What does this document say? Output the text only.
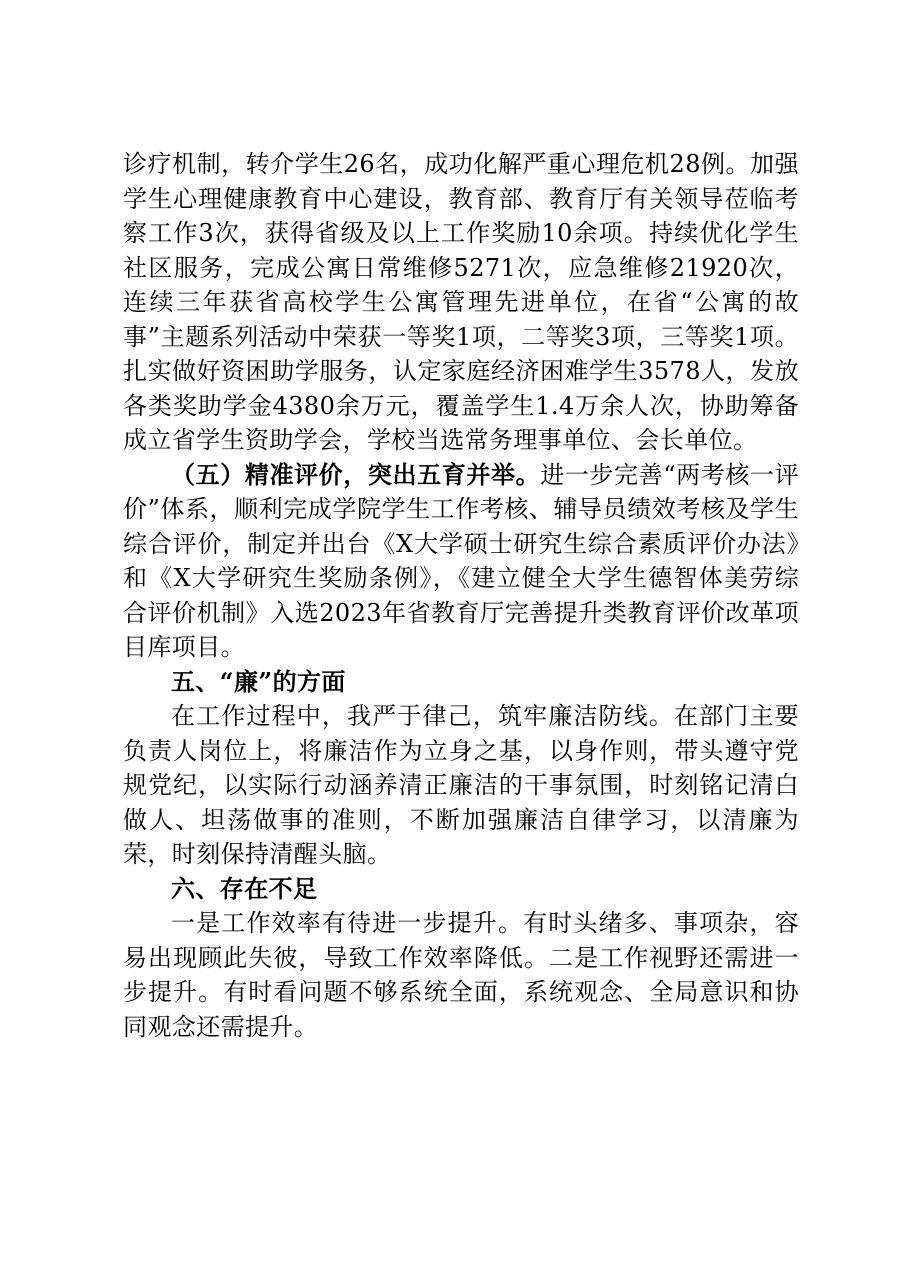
诊疗机制，转介学生26名，成功化解严重心理危机28例。加强学生心理健康教育中心建设，教育部、教育厅有关领导莅临考察工作3次，获得省级及以上工作奖励10余项。持续优化学生社区服务，完成公寓日常维修5271次，应急维修21920次，连续三年获省高校学生公寓管理先进单位，在省“公寓的故事”主题系列活动中荣获一等奖1项，二等奖3项，三等奖1项。扎实做好资困助学服务，认定家庭经济困难学生3578人，发放各类奖助学金4380余万元，覆盖学生1.4万余人次，协助筹备成立省学生资助学会，学校当选常务理事单位、会长单位。

（五）精准评价，突出五育并举。进一步完善“两考核一评价”体系，顺利完成学院学生工作考核、辅导员绩效考核及学生综合评价，制定并出台《X大学硕士研究生综合素质评价办法》和《X大学研究生奖励条例》，《建立健全大学生德智体美劳综合评价机制》入选2023年省教育厅完善提升类教育评价改革项目库项目。

五、“廉”的方面

在工作过程中，我严于律己，筑牢廉洁防线。在部门主要负责人岗位上，将廉洁作为立身之基，以身作则，带头遵守党规党纪，以实际行动涵养清正廉洁的干事氛围，时刻铭记清白做人、坦荡做事的准则，不断加强廉洁自律学习，以清廉为荣，时刻保持清醒头脑。

六、存在不足

一是工作效率有待进一步提升。有时头绪多、事项杂，容易出现顾此失彼，导致工作效率降低。二是工作视野还需进一步提升。有时看问题不够系统全面，系统观念、全局意识和协同观念还需提升。
